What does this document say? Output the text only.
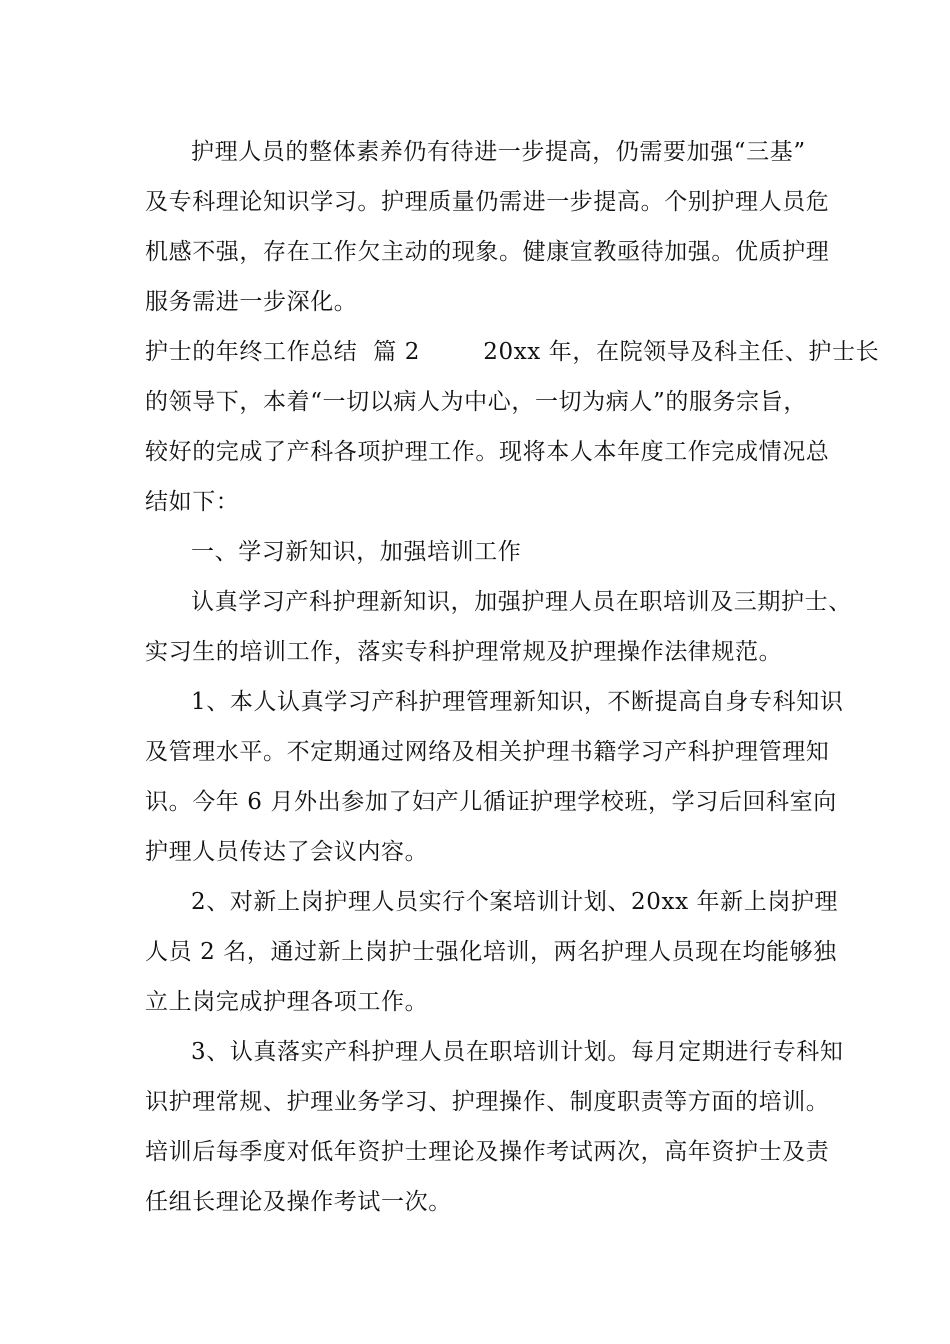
护理人员的整体素养仍有待进一步提高，仍需要加强“三基”
及专科理论知识学习。护理质量仍需进一步提高。个别护理人员危
机感不强，存在工作欠主动的现象。健康宣教亟待加强。优质护理
服务需进一步深化。
护士的年终工作总结  篇 2        20xx 年，在院领导及科主任、护士长
的领导下，本着“一切以病人为中心，一切为病人”的服务宗旨，
较好的完成了产科各项护理工作。现将本人本年度工作完成情况总
结如下：
一、学习新知识，加强培训工作
认真学习产科护理新知识，加强护理人员在职培训及三期护士、
实习生的培训工作，落实专科护理常规及护理操作法律规范。
1、本人认真学习产科护理管理新知识，不断提高自身专科知识
及管理水平。不定期通过网络及相关护理书籍学习产科护理管理知
识。今年 6 月外出参加了妇产儿循证护理学校班，学习后回科室向
护理人员传达了会议内容。
2、对新上岗护理人员实行个案培训计划、20xx 年新上岗护理
人员 2 名，通过新上岗护士强化培训，两名护理人员现在均能够独
立上岗完成护理各项工作。
3、认真落实产科护理人员在职培训计划。每月定期进行专科知
识护理常规、护理业务学习、护理操作、制度职责等方面的培训。
培训后每季度对低年资护士理论及操作考试两次，高年资护士及责
任组长理论及操作考试一次。
